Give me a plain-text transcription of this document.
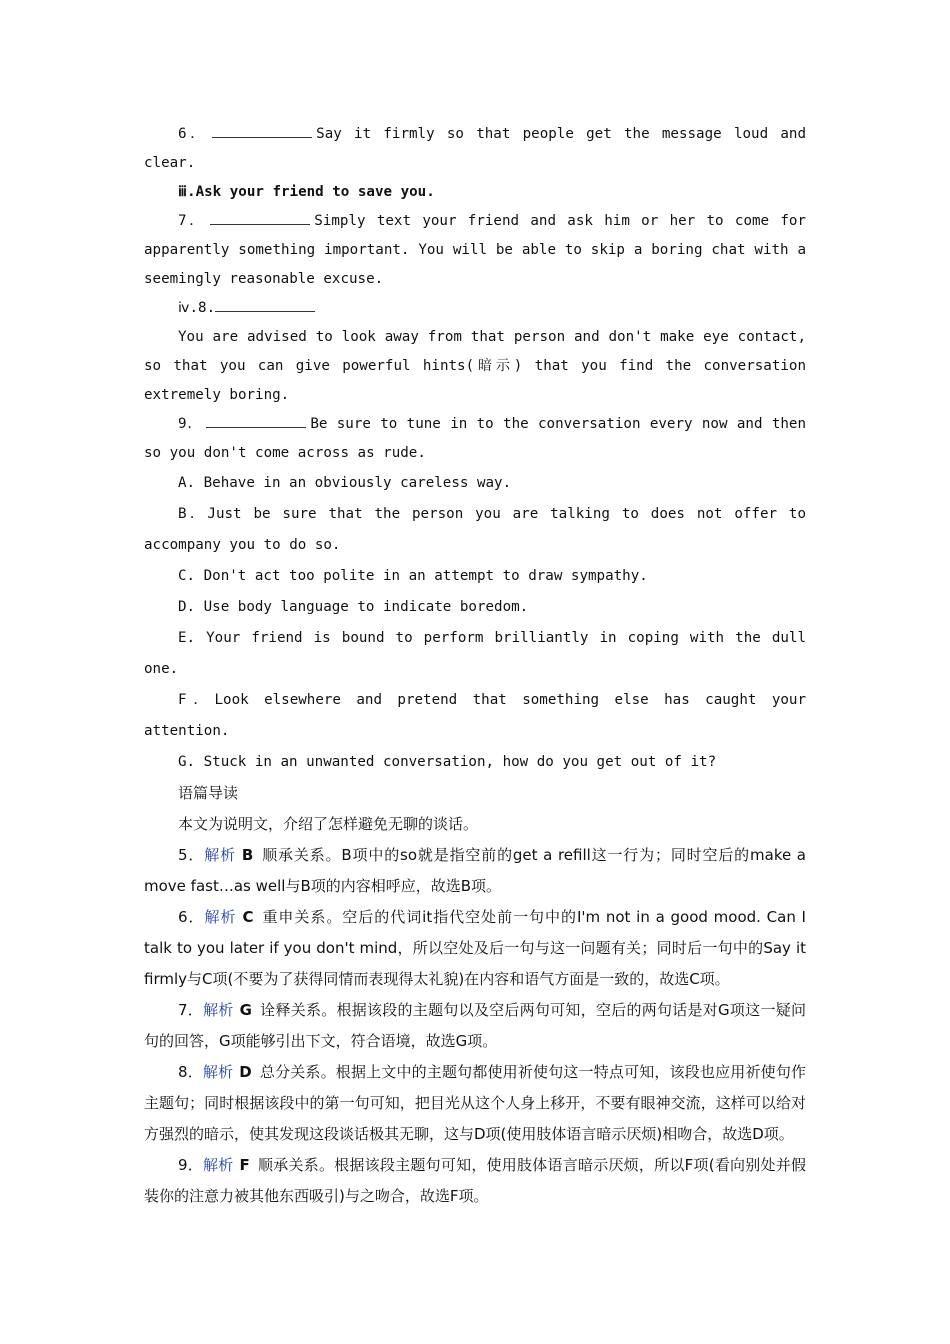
6．	Say it firmly so that people get the message loud and clear.

ⅲ.Ask your friend to save you.

7．	Simply text your friend and ask him or her to come for apparently something important. You will be able to skip a boring chat with a seemingly reasonable excuse.

ⅳ.8.

You are advised to look away from that person and don't make eye contact, so that you can give powerful hints(暗示) that you find the conversation extremely boring.

9．	Be sure to tune in to the conversation every now and then so you don't come across as rude.

A. Behave in an obviously careless way.

B．Just be sure that the person you are talking to does not offer to accompany you to do so.

C. Don't act too polite in an attempt to draw sympathy.

D. Use body language to indicate boredom.

E. Your friend is bound to perform brilliantly in coping with the dull one.

F．Look elsewhere and pretend that something else has caught your attention.

G. Stuck in an unwanted conversation, how do you get out of it?

语篇导读

本文为说明文，介绍了怎样避免无聊的谈话。

5．解析 B 顺承关系。B项中的so就是指空前的get a refill这一行为；同时空后的make a move fast…as well与B项的内容相呼应，故选B项。

6．解析 C 重申关系。空后的代词it指代空处前一句中的I'm not in a good mood. Can I talk to you later if you don't mind，所以空处及后一句与这一问题有关；同时后一句中的Say it firmly与C项(不要为了获得同情而表现得太礼貌)在内容和语气方面是一致的，故选C项。

7．解析 G 诠释关系。根据该段的主题句以及空后两句可知，空后的两句话是对G项这一疑问句的回答，G项能够引出下文，符合语境，故选G项。

8．解析 D 总分关系。根据上文中的主题句都使用祈使句这一特点可知，该段也应用祈使句作主题句；同时根据该段中的第一句可知，把目光从这个人身上移开，不要有眼神交流，这样可以给对方强烈的暗示，使其发现这段谈话极其无聊，这与D项(使用肢体语言暗示厌烦)相吻合，故选D项。

9．解析 F 顺承关系。根据该段主题句可知，使用肢体语言暗示厌烦，所以F项(看向别处并假装你的注意力被其他东西吸引)与之吻合，故选F项。
